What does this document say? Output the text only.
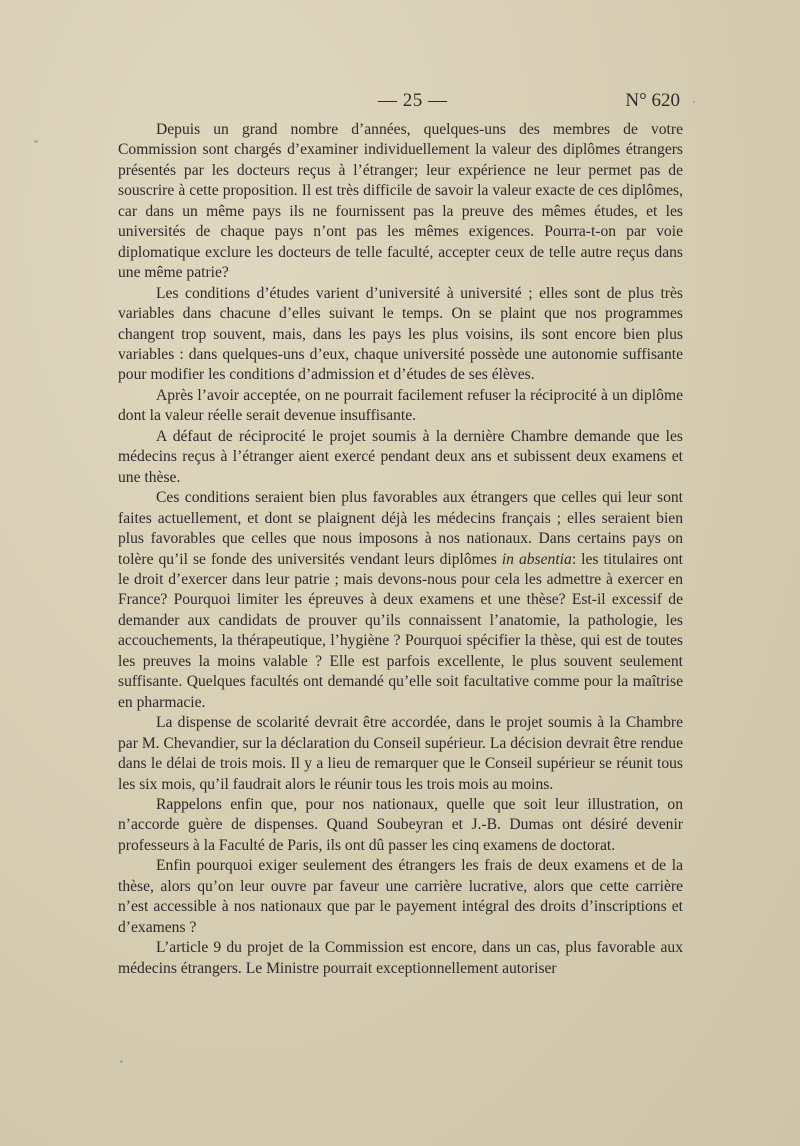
— 25 —	N° 620

Depuis un grand nombre d’années, quelques-uns des membres de votre Commission sont chargés d’examiner individuellement la valeur des diplômes étrangers présentés par les docteurs reçus à l’étranger; leur expérience ne leur permet pas de souscrire à cette proposition. Il est très difficile de savoir la valeur exacte de ces diplômes, car dans un même pays ils ne fournissent pas la preuve des mêmes études, et les universités de chaque pays n’ont pas les mêmes exigences. Pourra-t-on par voie diplomatique exclure les docteurs de telle faculté, accepter ceux de telle autre reçus dans une même patrie?

Les conditions d’études varient d’université à université ; elles sont de plus très variables dans chacune d’elles suivant le temps. On se plaint que nos programmes changent trop souvent, mais, dans les pays les plus voisins, ils sont encore bien plus variables : dans quelques-uns d’eux, chaque université possède une autonomie suffisante pour modifier les conditions d’admission et d’études de ses élèves.

Après l’avoir acceptée, on ne pourrait facilement refuser la réciprocité à un diplôme dont la valeur réelle serait devenue insuffisante.

A défaut de réciprocité le projet soumis à la dernière Chambre demande que les médecins reçus à l’étranger aient exercé pendant deux ans et subissent deux examens et une thèse.

Ces conditions seraient bien plus favorables aux étrangers que celles qui leur sont faites actuellement, et dont se plaignent déjà les médecins français ; elles seraient bien plus favorables que celles que nous imposons à nos nationaux. Dans certains pays on tolère qu’il se fonde des universités vendant leurs diplômes in absentia: les titulaires ont le droit d’exercer dans leur patrie ; mais devons-nous pour cela les admettre à exercer en France? Pourquoi limiter les épreuves à deux examens et une thèse? Est-il excessif de demander aux candidats de prouver qu’ils connaissent l’anatomie, la pathologie, les accouchements, la thérapeutique, l’hygiène ? Pourquoi spécifier la thèse, qui est de toutes les preuves la moins valable ? Elle est parfois excellente, le plus souvent seulement suffisante. Quelques facultés ont demandé qu’elle soit facultative comme pour la maîtrise en pharmacie.

La dispense de scolarité devrait être accordée, dans le projet soumis à la Chambre par M. Chevandier, sur la déclaration du Conseil supérieur. La décision devrait être rendue dans le délai de trois mois. Il y a lieu de remarquer que le Conseil supérieur se réunit tous les six mois, qu’il faudrait alors le réunir tous les trois mois au moins.

Rappelons enfin que, pour nos nationaux, quelle que soit leur illustration, on n’accorde guère de dispenses. Quand Soubeyran et J.-B. Dumas ont désiré devenir professeurs à la Faculté de Paris, ils ont dû passer les cinq examens de doctorat.

Enfin pourquoi exiger seulement des étrangers les frais de deux examens et de la thèse, alors qu’on leur ouvre par faveur une carrière lucrative, alors que cette carrière n’est accessible à nos nationaux que par le payement intégral des droits d’inscriptions et d’examens ?

L’article 9 du projet de la Commission est encore, dans un cas, plus favorable aux médecins étrangers. Le Ministre pourrait exceptionnellement autoriser
